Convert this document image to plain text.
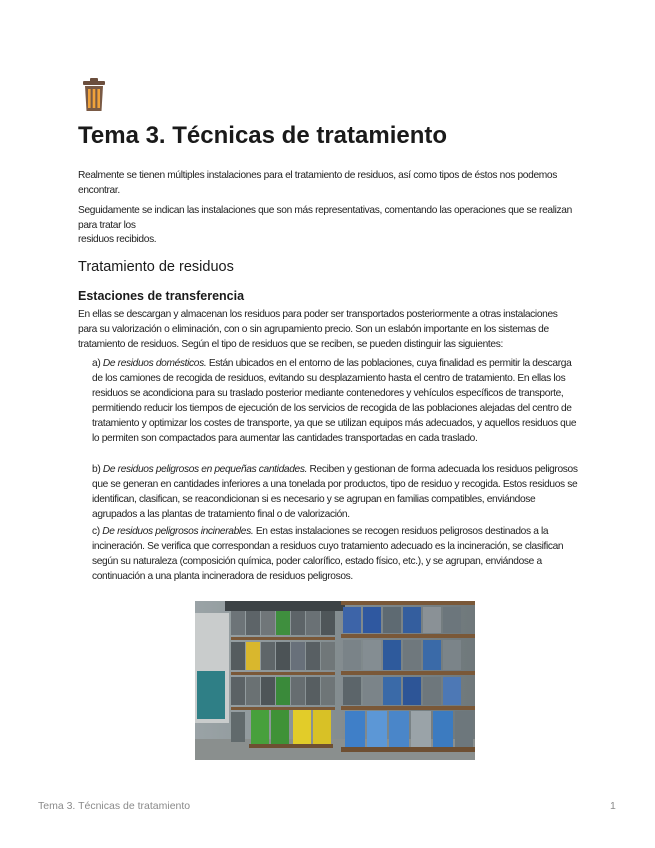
Tema 3. Técnicas de tratamiento

Realmente se tienen múltiples instalaciones para el tratamiento de residuos, así como tipos de éstos nos podemos encontrar.

Seguidamente se indican las instalaciones que son más representativas, comentando las operaciones que se realizan para tratar los

residuos recibidos.

Tratamiento de residuos
Estaciones de transferencia

En ellas se descargan y almacenan los residuos para poder ser transportados posteriormente a otras instalaciones para su valorización o eliminación, con o sin agrupamiento precio. Son un eslabón importante en los sistemas de tratamiento de residuos. Según el tipo de residuos que se reciben, se pueden distinguir las siguientes:

a) De residuos domésticos. Están ubicados en el entorno de las poblaciones, cuya finalidad es permitir la descarga de los camiones de recogida de residuos, evitando su desplazamiento hasta el centro de tratamiento. En ellas los residuos se acondiciona para su traslado posterior mediante contenedores y vehículos específicos de transporte, permitiendo reducir los tiempos de ejecución de los servicios de recogida de las poblaciones alejadas del centro de tratamiento y optimizar los costes de transporte, ya que se utilizan equipos más adecuados, y aquellos residuos que lo permiten son compactados para aumentar las cantidades transportadas en cada traslado.

b) De residuos peligrosos en pequeñas cantidades. Reciben y gestionan de forma adecuada los residuos peligrosos que se generan en cantidades inferiores a una tonelada por productos, tipo de residuo y recogida. Estos residuos se identifican, clasifican, se reacondicionan si es necesario y se agrupan en familias compatibles, enviándose agrupados a las plantas de tratamiento final o de valorización.

c) De residuos peligrosos incinerables. En estas instalaciones se recogen residuos peligrosos destinados a la incineración. Se verifica que correspondan a residuos cuyo tratamiento adecuado es la incineración, se clasifican según su naturaleza (composición química, poder calorífico, estado físico, etc.), y se agrupan, enviándose a continuación a una planta incineradora de residuos peligrosos.

Tema 3. Técnicas de tratamiento	1
